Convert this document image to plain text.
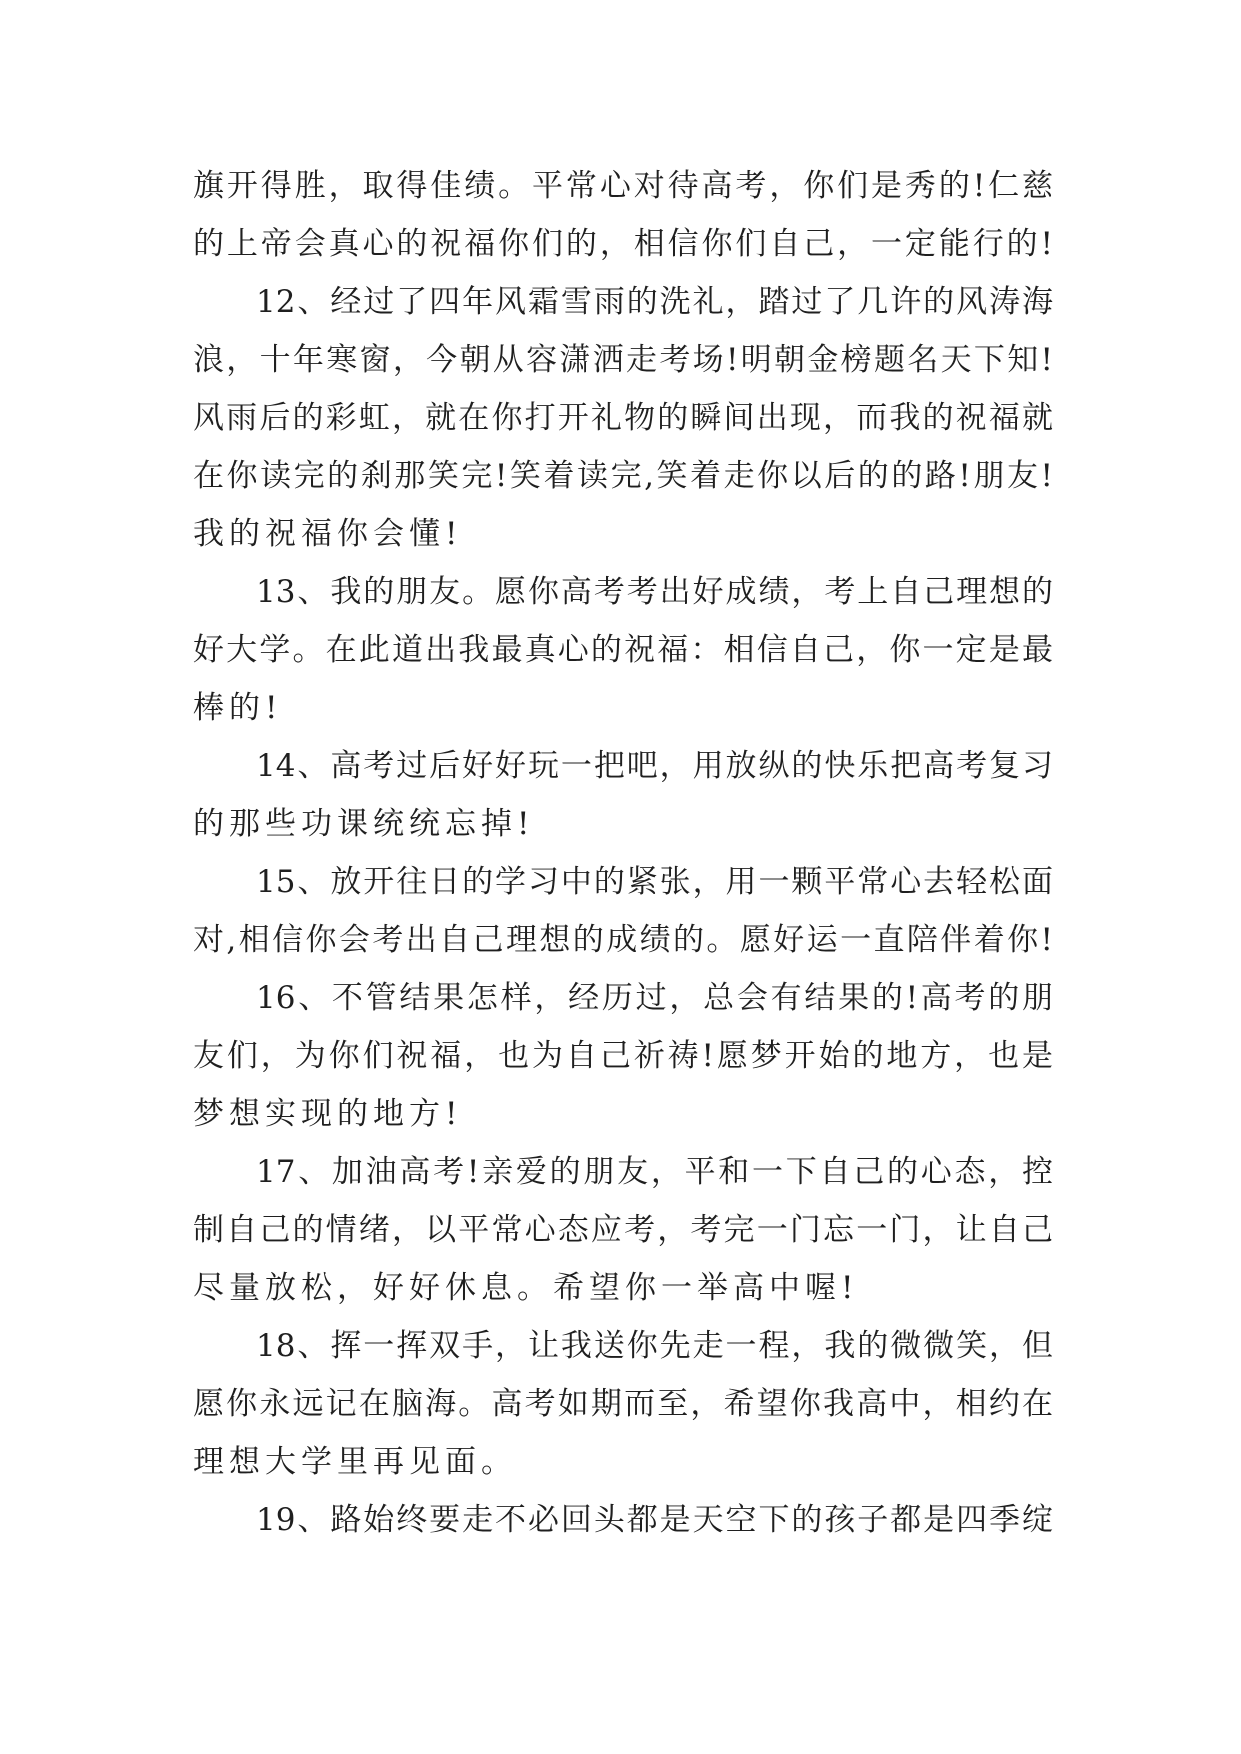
旗开得胜，取得佳绩。平常心对待高考，你们是秀的!仁慈

的上帝会真心的祝福你们的，相信你们自己，一定能行的!

12、经过了四年风霜雪雨的洗礼，踏过了几许的风涛海

浪，十年寒窗，今朝从容潇洒走考场!明朝金榜题名天下知!

风雨后的彩虹，就在你打开礼物的瞬间出现，而我的祝福就

在你读完的刹那笑完!笑着读完,笑着走你以后的的路!朋友!

我的祝福你会懂!

13、我的朋友。愿你高考考出好成绩，考上自己理想的

好大学。在此道出我最真心的祝福：相信自己，你一定是最

棒的!

14、高考过后好好玩一把吧，用放纵的快乐把高考复习

的那些功课统统忘掉!

15、放开往日的学习中的紧张，用一颗平常心去轻松面

对,相信你会考出自己理想的成绩的。愿好运一直陪伴着你!

16、不管结果怎样，经历过，总会有结果的!高考的朋

友们，为你们祝福，也为自己祈祷!愿梦开始的地方，也是

梦想实现的地方!

17、加油高考!亲爱的朋友，平和一下自己的心态，控

制自己的情绪，以平常心态应考，考完一门忘一门，让自己

尽量放松，好好休息。希望你一举高中喔!

18、挥一挥双手，让我送你先走一程，我的微微笑，但

愿你永远记在脑海。高考如期而至，希望你我高中，相约在

理想大学里再见面。

19、路始终要走不必回头都是天空下的孩子都是四季绽
